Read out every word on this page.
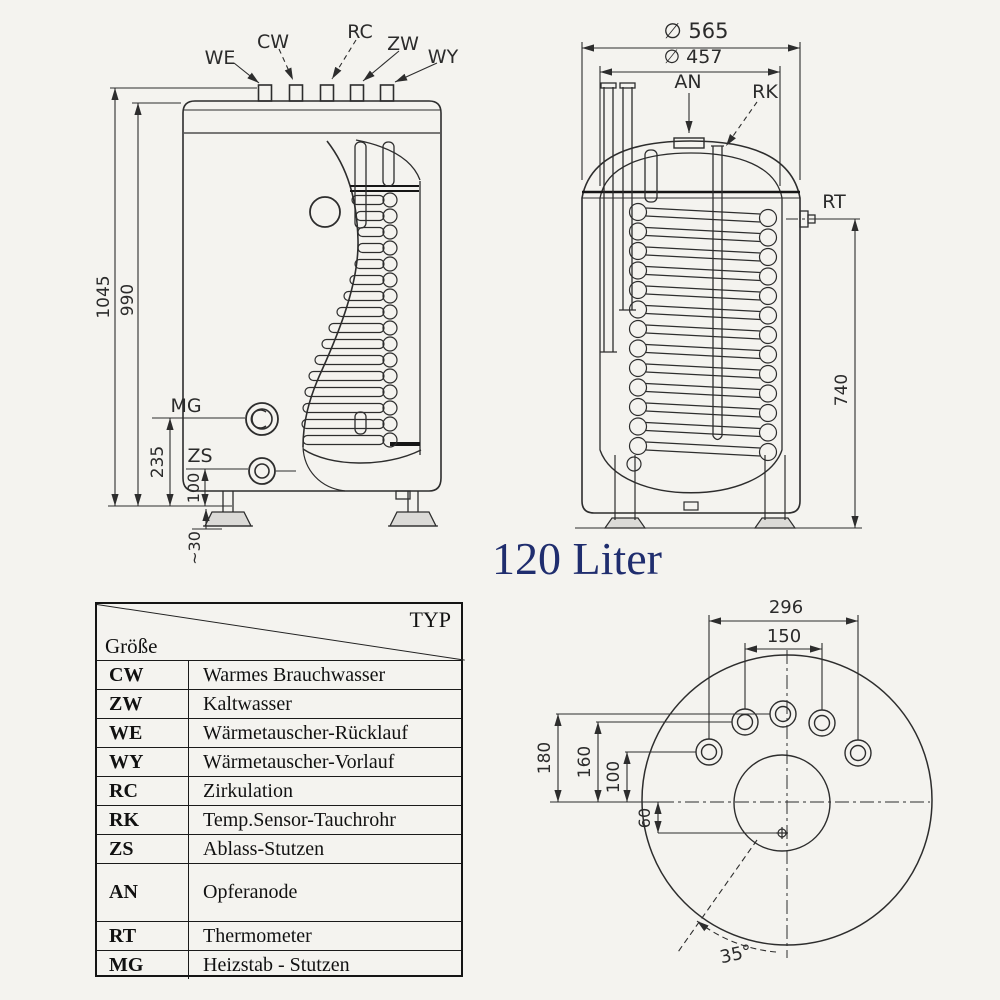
WE
CW	RC
ZW
WY
1045 990
MG
ZS
235
100
~30
∅ 565
∅ 457
AN	RK
RT
740
296
150
180 160 100
60
35°
120 Liter
TYP
Größe
CW	Warmes Brauchwasser
ZW	Kaltwasser
WE	Wärmetauscher-Rücklauf
WY	Wärmetauscher-Vorlauf
RC	Zirkulation
RK	Temp.Sensor-Tauchrohr
ZS	Ablass-Stutzen
AN	Opferanode
RT	Thermometer
MG	Heizstab - Stutzen
